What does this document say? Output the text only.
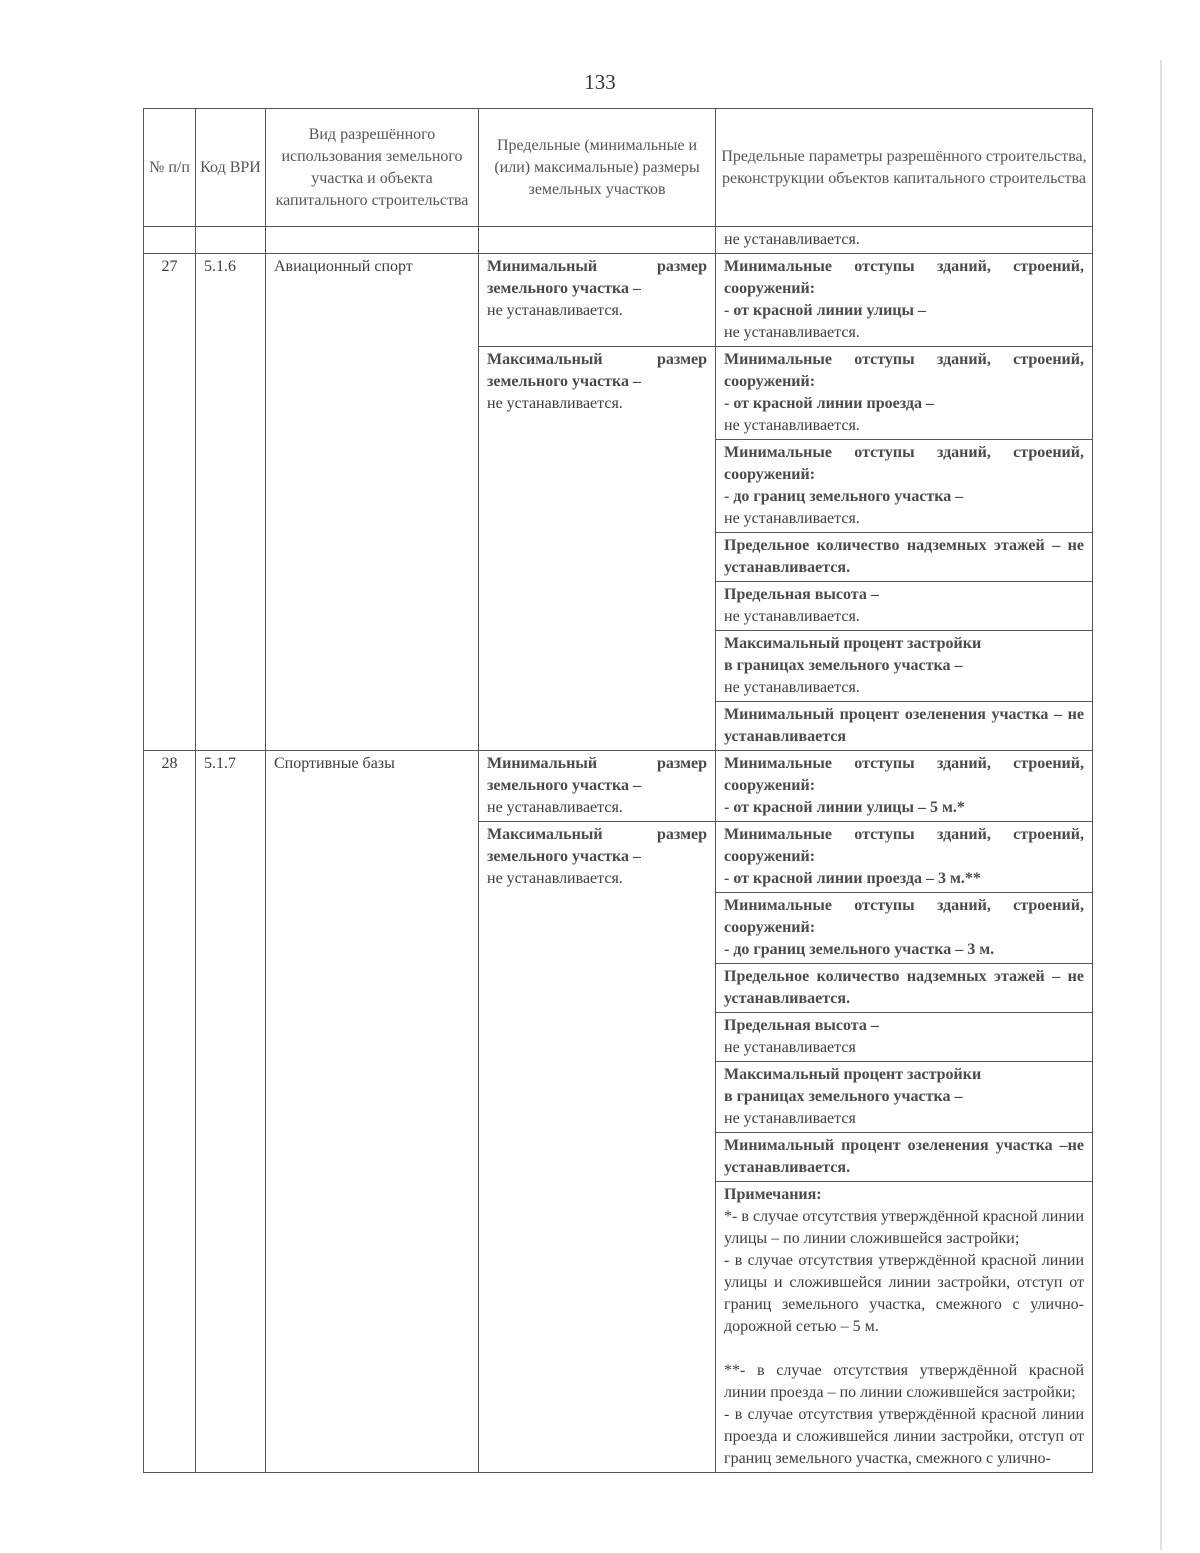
133
№ п/п	Код ВРИ	Вид разрешённого использования земельного участка и объекта капитального строительства	Предельные (минимальные и (или) максимальные) размеры земельных участков	Предельные параметры разрешённого строительства, реконструкции объектов капитального строительства
				не устанавливается.
27	5.1.6	Авиационный спорт	Минимальный размер земельного участка –
не устанавливается.	Минимальные отступы зданий, строений, сооружений:
- от красной линии улицы –
не устанавливается.

			Максимальный размер земельного участка –
не устанавливается.	Минимальные отступы зданий, строений, сооружений:
- от красной линии проезда –
не устанавливается.

				Минимальные отступы зданий, строений, сооружений:
- до границ земельного участка –
не устанавливается.

				Предельное количество надземных этажей – не устанавливается.
				Предельная высота –
не устанавливается.

				Максимальный процент застройки
в границах земельного участка –
не устанавливается.

				Минимальный процент озеленения участка – не устанавливается
28	5.1.7	Спортивные базы	Минимальный размер земельного участка –
не устанавливается.	Минимальные отступы зданий, строений, сооружений:
- от красной линии улицы – 5 м.*

			Максимальный размер земельного участка –
не устанавливается.	Минимальные отступы зданий, строений, сооружений:
- от красной линии проезда – 3 м.**

				Минимальные отступы зданий, строений, сооружений:
- до границ земельного участка – 3 м.

				Предельное количество надземных этажей – не устанавливается.
				Предельная высота –
не устанавливается

				Максимальный процент застройки
в границах земельного участка –
не устанавливается

				Минимальный процент озеленения участка –не устанавливается.

				Примечания:
*- в случае отсутствия утверждённой красной линии улицы – по линии сложившейся застройки;
- в случае отсутствия утверждённой красной линии улицы и сложившейся линии застройки, отступ от границ земельного участка, смежного с улично-дорожной сетью – 5 м.
**- в случае отсутствия утверждённой красной линии проезда – по линии сложившейся застройки;
- в случае отсутствия утверждённой красной линии проезда и сложившейся линии застройки, отступ от границ земельного участка, смежного с улично-
